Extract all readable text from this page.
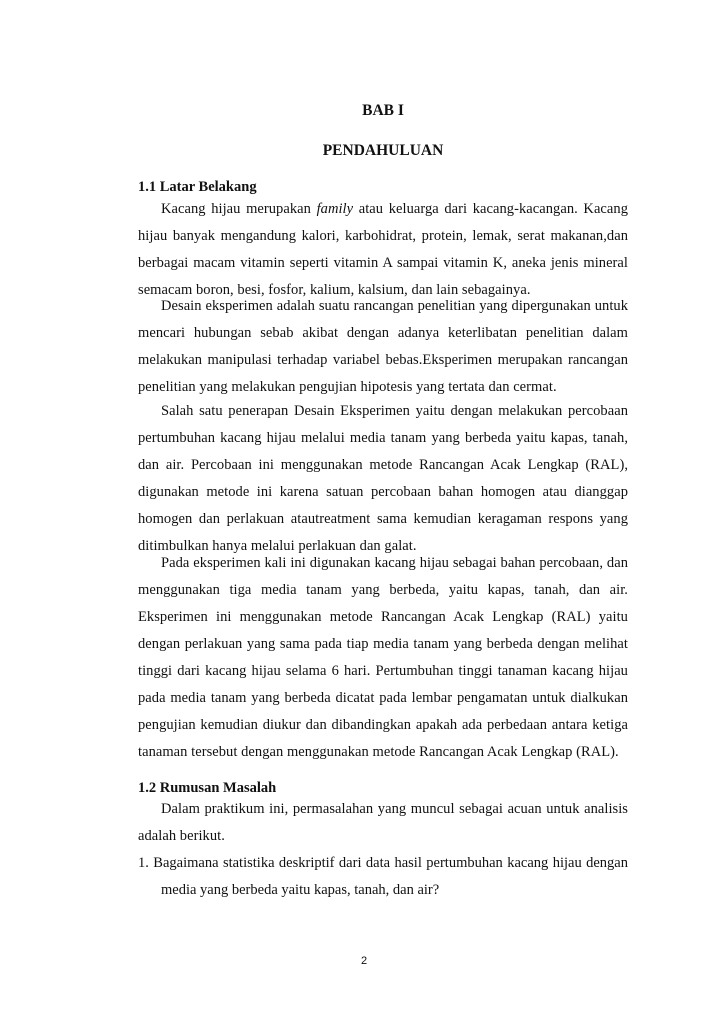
BAB I

PENDAHULUAN

1.1 Latar Belakang

Kacang hijau merupakan family atau keluarga dari kacang-kacangan. Kacang hijau banyak mengandung kalori, karbohidrat, protein, lemak, serat makanan,dan berbagai macam vitamin seperti vitamin A sampai vitamin K, aneka jenis mineral semacam boron, besi, fosfor, kalium, kalsium, dan lain sebagainya.

Desain eksperimen adalah suatu rancangan penelitian yang dipergunakan untuk mencari hubungan sebab akibat dengan adanya keterlibatan penelitian dalam melakukan manipulasi terhadap variabel bebas.Eksperimen merupakan rancangan penelitian yang melakukan pengujian hipotesis yang tertata dan cermat.

Salah satu penerapan Desain Eksperimen yaitu dengan melakukan percobaan pertumbuhan kacang hijau melalui media tanam yang berbeda yaitu kapas, tanah, dan air. Percobaan ini menggunakan metode Rancangan Acak Lengkap (RAL), digunakan metode ini karena satuan percobaan bahan homogen atau dianggap homogen dan perlakuan atautreatment sama kemudian keragaman respons yang ditimbulkan hanya melalui perlakuan dan galat.

Pada eksperimen kali ini digunakan kacang hijau sebagai bahan percobaan, dan menggunakan tiga media tanam yang berbeda, yaitu kapas, tanah, dan air. Eksperimen ini menggunakan metode Rancangan Acak Lengkap (RAL) yaitu dengan perlakuan yang sama pada tiap media tanam yang berbeda dengan melihat tinggi dari kacang hijau selama 6 hari. Pertumbuhan tinggi tanaman kacang hijau pada media tanam yang berbeda dicatat pada lembar pengamatan untuk dialkukan pengujian kemudian diukur dan dibandingkan apakah ada perbedaan antara ketiga tanaman tersebut dengan menggunakan metode Rancangan Acak Lengkap (RAL).

1.2 Rumusan Masalah

Dalam praktikum ini, permasalahan yang muncul sebagai acuan untuk analisis adalah berikut.

1. Bagaimana statistika deskriptif dari data hasil pertumbuhan kacang hijau dengan media yang berbeda yaitu kapas, tanah, dan air?

2
